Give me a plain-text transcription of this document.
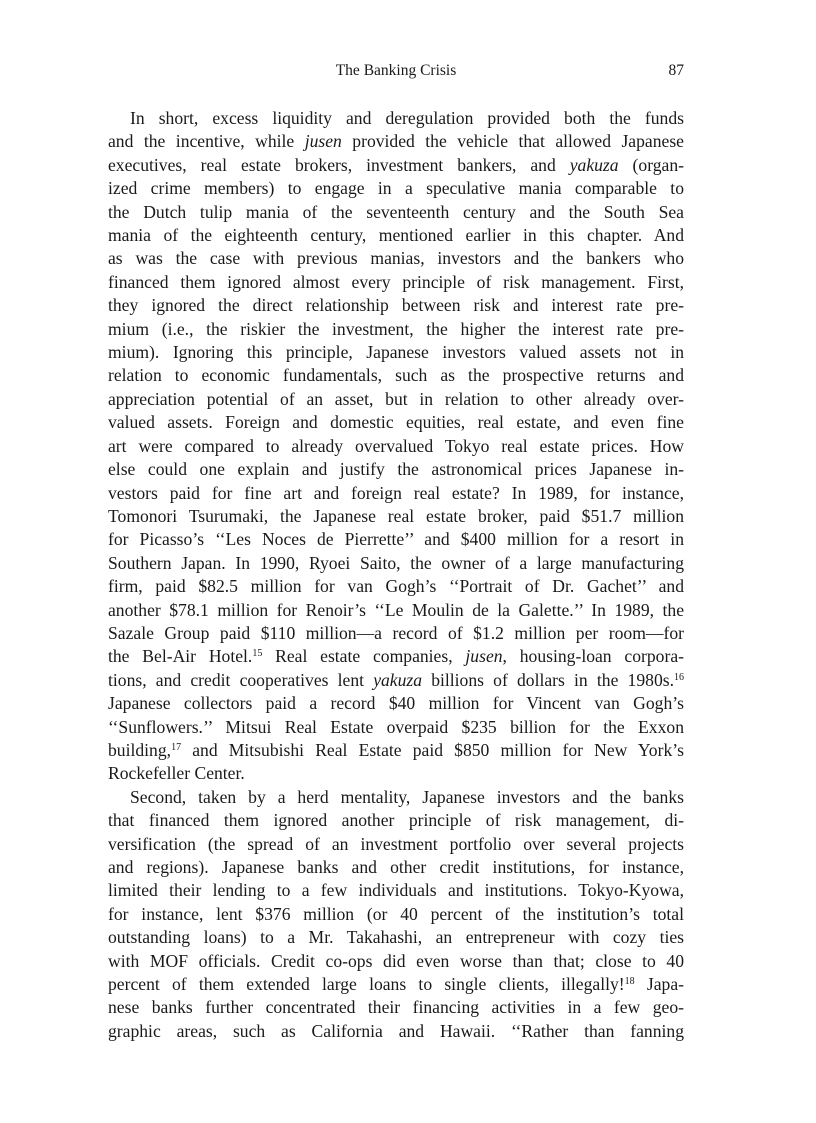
The Banking Crisis	87
In short, excess liquidity and deregulation provided both the funds
and the incentive, while jusen provided the vehicle that allowed Japanese
executives, real estate brokers, investment bankers, and yakuza (organ-
ized crime members) to engage in a speculative mania comparable to
the Dutch tulip mania of the seventeenth century and the South Sea
mania of the eighteenth century, mentioned earlier in this chapter. And
as was the case with previous manias, investors and the bankers who
financed them ignored almost every principle of risk management. First,
they ignored the direct relationship between risk and interest rate pre-
mium (i.e., the riskier the investment, the higher the interest rate pre-
mium). Ignoring this principle, Japanese investors valued assets not in
relation to economic fundamentals, such as the prospective returns and
appreciation potential of an asset, but in relation to other already over-
valued assets. Foreign and domestic equities, real estate, and even fine
art were compared to already overvalued Tokyo real estate prices. How
else could one explain and justify the astronomical prices Japanese in-
vestors paid for fine art and foreign real estate? In 1989, for instance,
Tomonori Tsurumaki, the Japanese real estate broker, paid $51.7 million
for Picasso’s ‘‘Les Noces de Pierrette’’ and $400 million for a resort in
Southern Japan. In 1990, Ryoei Saito, the owner of a large manufacturing
firm, paid $82.5 million for van Gogh’s ‘‘Portrait of Dr. Gachet’’ and
another $78.1 million for Renoir’s ‘‘Le Moulin de la Galette.’’ In 1989, the
Sazale Group paid $110 million—a record of $1.2 million per room—for
the Bel-Air Hotel.$^{15}$ Real estate companies, jusen, housing-loan corpora-
tions, and credit cooperatives lent yakuza billions of dollars in the 1980s.$^{16}$
Japanese collectors paid a record $40 million for Vincent van Gogh’s
‘‘Sunflowers.’’ Mitsui Real Estate overpaid $235 billion for the Exxon
building,$^{17}$ and Mitsubishi Real Estate paid $850 million for New York’s
Rockefeller Center.
Second, taken by a herd mentality, Japanese investors and the banks
that financed them ignored another principle of risk management, di-
versification (the spread of an investment portfolio over several projects
and regions). Japanese banks and other credit institutions, for instance,
limited their lending to a few individuals and institutions. Tokyo-Kyowa,
for instance, lent $376 million (or 40 percent of the institution’s total
outstanding loans) to a Mr. Takahashi, an entrepreneur with cozy ties
with MOF officials. Credit co-ops did even worse than that; close to 40
percent of them extended large loans to single clients, illegally!$^{18}$ Japa-
nese banks further concentrated their financing activities in a few geo-
graphic areas, such as California and Hawaii. ‘‘Rather than fanning
